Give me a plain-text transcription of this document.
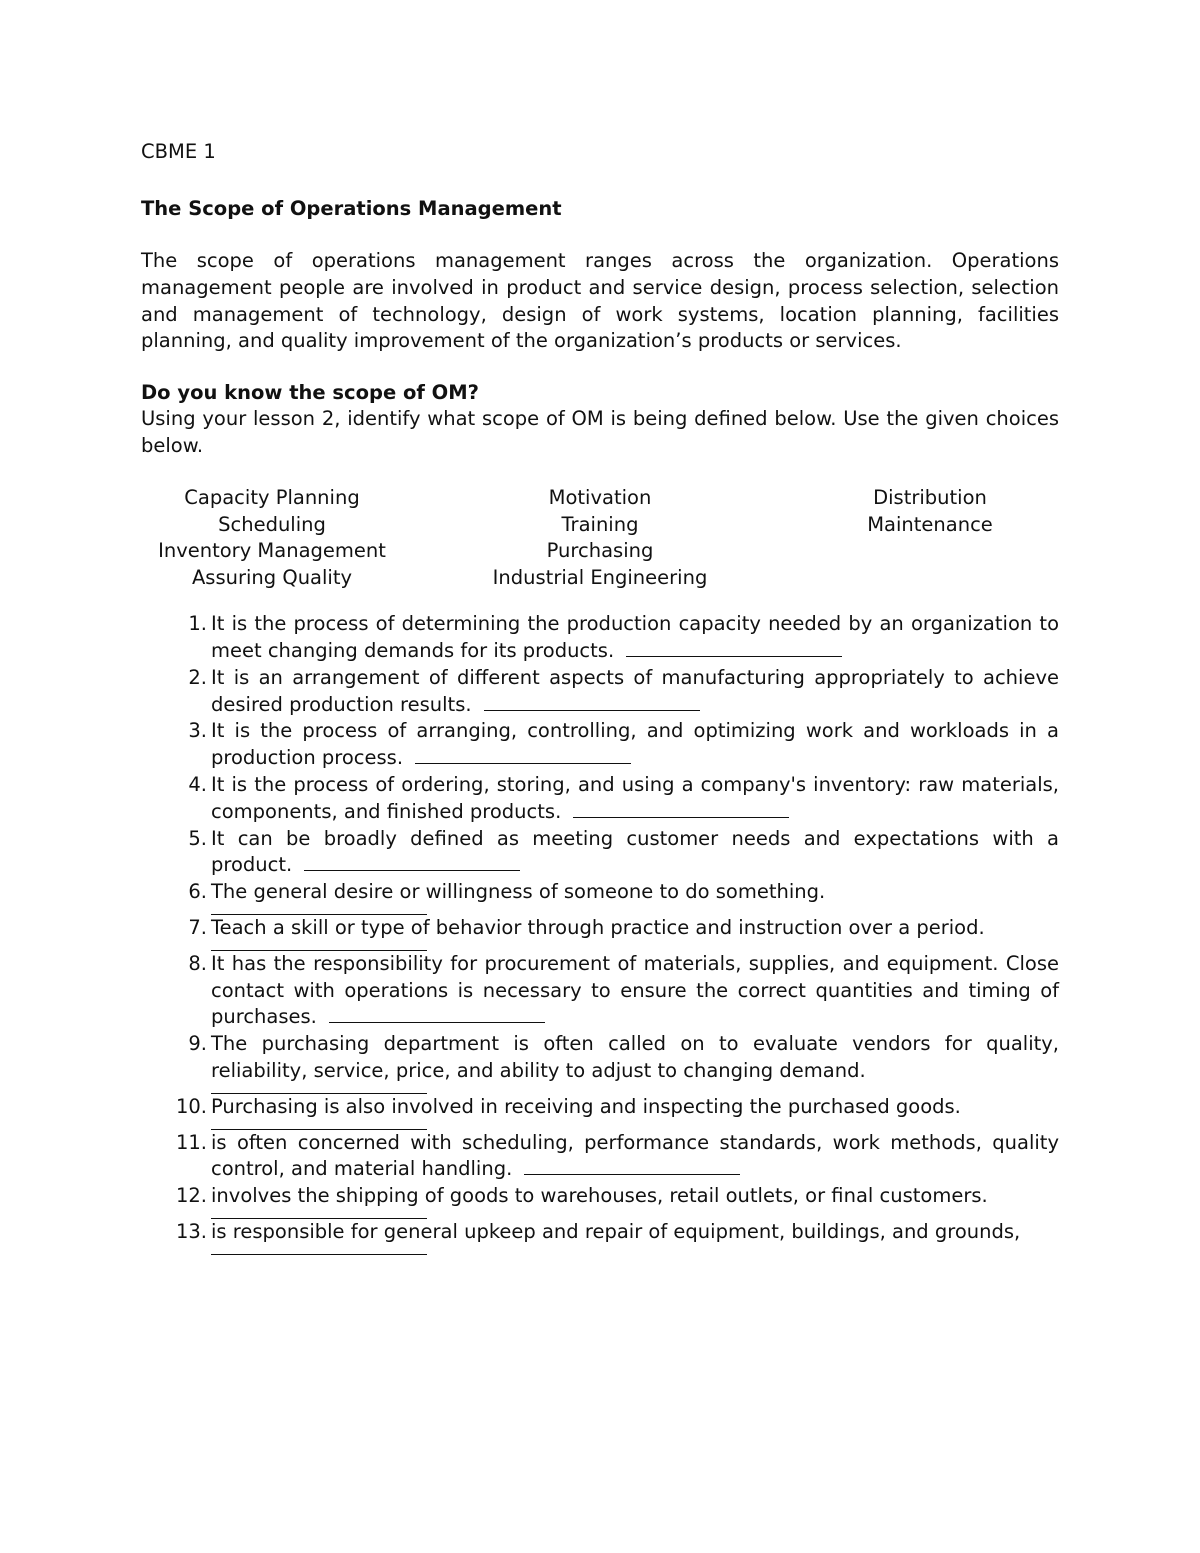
CBME 1
The Scope of Operations Management
The scope of operations management ranges across the organization. Operations management people are involved in product and service design, process selection, selection and management of technology, design of work systems, location planning, facilities planning, and quality improvement of the organization’s products or services.
Do you know the scope of OM?
Using your lesson 2, identify what scope of OM is being defined below. Use the given choices below.
Capacity Planning
Scheduling
Inventory Management
Assuring Quality
Motivation
Training
Purchasing
Industrial Engineering
Distribution
Maintenance
1. It is the process of determining the production capacity needed by an organization to meet changing demands for its products.
2. It is an arrangement of different aspects of manufacturing appropriately to achieve desired production results.
3. It is the process of arranging, controlling, and optimizing work and workloads in a production process.
4. It is the process of ordering, storing, and using a company's inventory: raw materials, components, and finished products.
5. It can be broadly defined as meeting customer needs and expectations with a product.
6. The general desire or willingness of someone to do something.
7. Teach a skill or type of behavior through practice and instruction over a period.
8. It has the responsibility for procurement of materials, supplies, and equipment. Close contact with operations is necessary to ensure the correct quantities and timing of purchases.
9. The purchasing department is often called on to evaluate vendors for quality, reliability, service, price, and ability to adjust to changing demand.
10. Purchasing is also involved in receiving and inspecting the purchased goods.
11. is often concerned with scheduling, performance standards, work methods, quality control, and material handling.
12. involves the shipping of goods to warehouses, retail outlets, or final customers.
13. is responsible for general upkeep and repair of equipment, buildings, and grounds,
